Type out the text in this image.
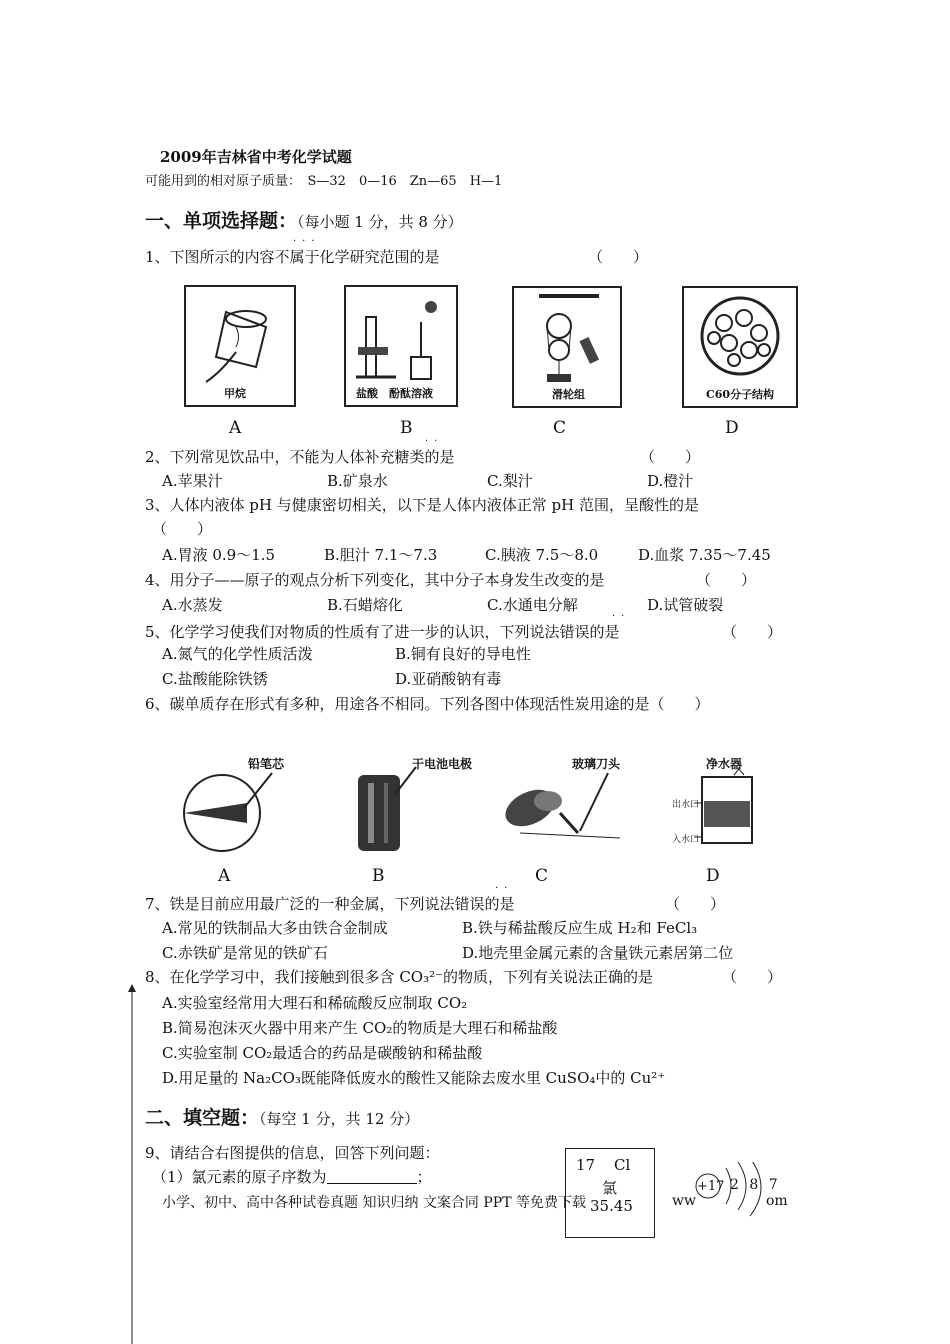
2009年吉林省中考化学试题
可能用到的相对原子质量：　S—32　0—16　Zn—65　H—1
一、单项选择题：（每小题 1 分，共 8 分）
···
1、下图所示的内容不属于化学研究范围的是	（　　）
甲烷	盐酸　酚酞溶液	滑轮组	C60分子结构
A	B	C	D
··
2、下列常见饮品中，不能为人体补充糖类的是	（　　）
A.苹果汁	B.矿泉水	C.梨汁	D.橙汁
3、人体内液体 pH 与健康密切相关，以下是人体内液体正常 pH 范围，呈酸性的是
（　　）
A.胃液 0.9～1.5	B.胆汁 7.1～7.3	C.胰液 7.5～8.0	D.血浆 7.35～7.45
4、用分子——原子的观点分析下列变化，其中分子本身发生改变的是	（　　）
A.水蒸发	B.石蜡熔化	C.水通电分解	D.试管破裂
··
5、化学学习使我们对物质的性质有了进一步的认识，下列说法错误的是	（　　）
A.氮气的化学性质活泼	B.铜有良好的导电性
C.盐酸能除铁锈	D.亚硝酸钠有毒
6、碳单质存在形式有多种，用途各不相同。下列各图中体现活性炭用途的是（　　）
铅笔芯	干电池电极	玻璃刀头	净水器
出水口
入水口
A	B	C	D
··
7、铁是目前应用最广泛的一种金属，下列说法错误的是	（　　）
A.常见的铁制品大多由铁合金制成	B.铁与稀盐酸反应生成 H₂和 FeCl₃
C.赤铁矿是常见的铁矿石	D.地壳里金属元素的含量铁元素居第二位
8、在化学学习中，我们接触到很多含 CO₃²⁻的物质，下列有关说法正确的是	（　　）
A.实验室经常用大理石和稀硫酸反应制取 CO₂
B.简易泡沫灭火器中用来产生 CO₂的物质是大理石和稀盐酸
C.实验室制 CO₂最适合的药品是碳酸钠和稀盐酸
D.用足量的 Na₂CO₃既能降低废水的酸性又能除去废水里 CuSO₄中的 Cu²⁺
二、填空题：（每空 1 分，共 12 分）
9、请结合右图提供的信息，回答下列问题：
（1）氯元素的原子序数为	；
17 Cl
氯
35.45
+17 2 8 7
小学、初中、高中各种试卷真题 知识归纳 文案合同 PPT 等免费下载	ww	om
